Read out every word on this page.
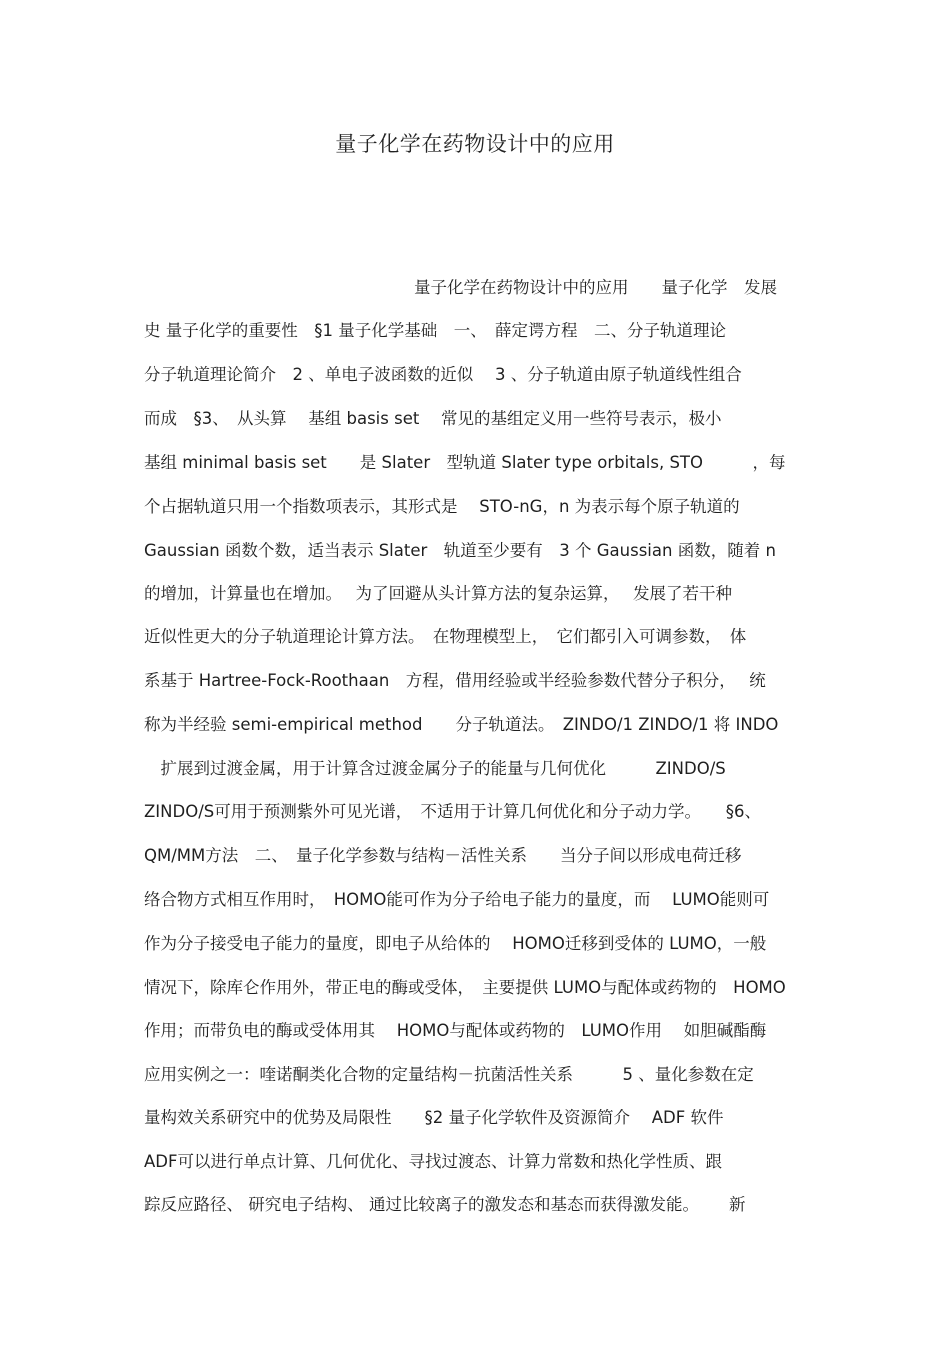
量子化学在药物设计中的应用
量子化学在药物设计中的应用　　量子化学　发展
史 量子化学的重要性　§1 量子化学基础　一、　薛定谔方程　二、分子轨道理论
分子轨道理论简介　2 、单电子波函数的近似　 3 、分子轨道由原子轨道线性组合
而成　§3、　从头算　 基组 basis set　 常见的基组定义用一些符号表示，极小
基组 minimal basis set　　是 Slater　型轨道 Slater type orbitals, STO　　　，每
个占据轨道只用一个指数项表示，其形式是　 STO-nG，n 为表示每个原子轨道的
Gaussian 函数个数，适当表示 Slater　轨道至少要有　3 个 Gaussian 函数，随着 n
的增加，计算量也在增加。　 为了回避从头计算方法的复杂运算，　 发展了若干种
近似性更大的分子轨道理论计算方法。　在物理模型上，　它们都引入可调参数，　体
系基于 Hartree-Fock-Roothaan　方程，借用经验或半经验参数代替分子积分，　 统
称为半经验 semi-empirical method　　分子轨道法。　ZINDO/1 ZINDO/1 将 INDO
　扩展到过渡金属，用于计算含过渡金属分子的能量与几何优化　　　ZINDO/S
ZINDO/S可用于预测紫外可见光谱，　不适用于计算几何优化和分子动力学。　　§6、
QM/MM方法　二、　量子化学参数与结构－活性关系　　当分子间以形成电荷迁移
络合物方式相互作用时，　HOMO能可作为分子给电子能力的量度，而　 LUMO能则可
作为分子接受电子能力的量度，即电子从给体的　 HOMO迁移到受体的 LUMO，一般
情况下，除库仑作用外，带正电的酶或受体，　主要提供 LUMO与配体或药物的　HOMO
作用；而带负电的酶或受体用其　 HOMO与配体或药物的　LUMO作用　 如胆碱酯酶
应用实例之一：喹诺酮类化合物的定量结构－抗菌活性关系　　　5 、量化参数在定
量构效关系研究中的优势及局限性　　§2 量子化学软件及资源简介　 ADF 软件
ADF可以进行单点计算、几何优化、寻找过渡态、计算力常数和热化学性质、跟
踪反应路径、 研究电子结构、 通过比较离子的激发态和基态而获得激发能。　　 新
